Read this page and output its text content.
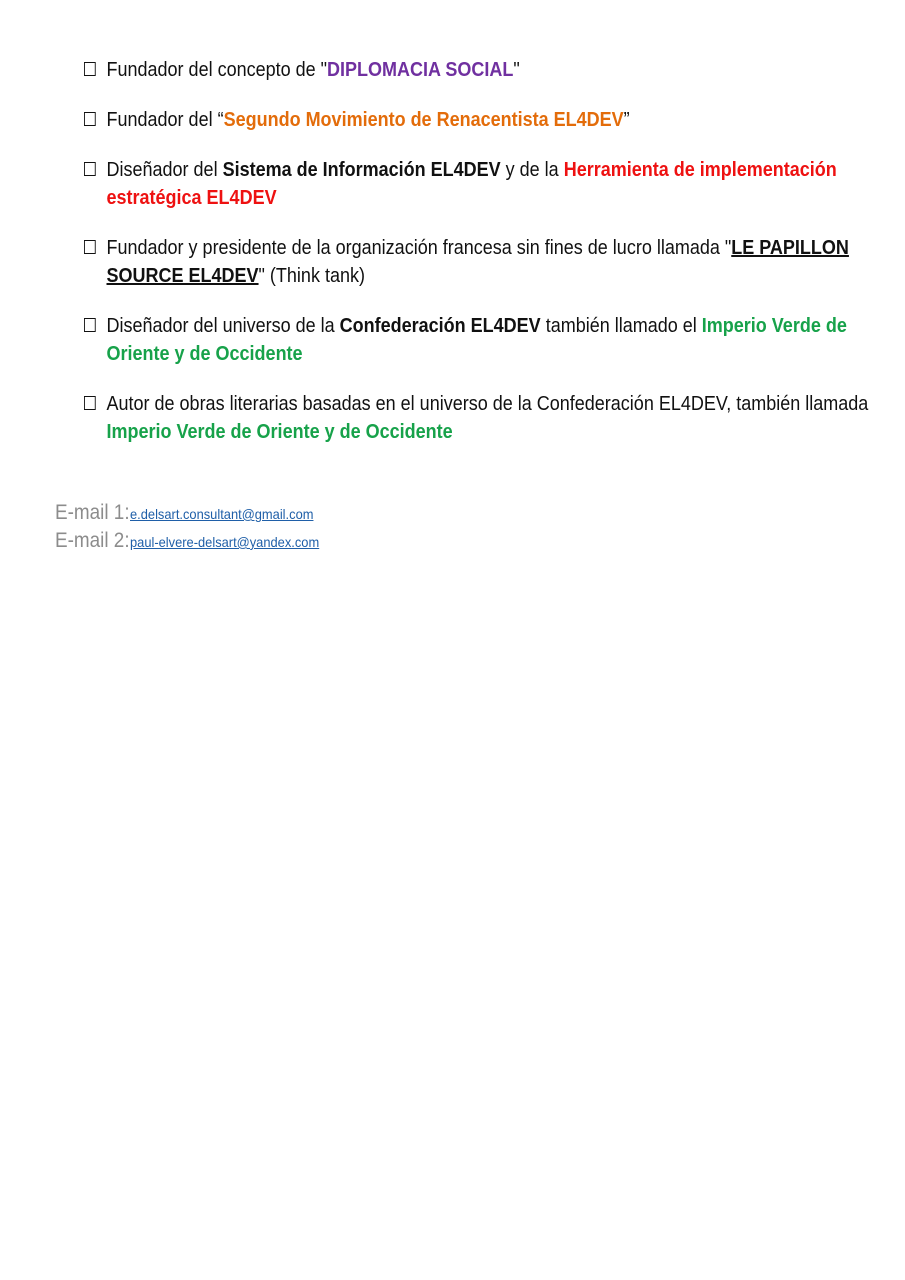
Fundador del concepto de "DIPLOMACIA SOCIAL"
Fundador del “Segundo Movimiento de Renacentista EL4DEV”
Diseñador del Sistema de Información EL4DEV y de la Herramienta de implementación estratégica EL4DEV
Fundador y presidente de la organización francesa sin fines de lucro llamada "LE PAPILLON SOURCE EL4DEV" (Think tank)
Diseñador del universo de la Confederación EL4DEV también llamado el Imperio Verde de Oriente y de Occidente
Autor de obras literarias basadas en el universo de la Confederación EL4DEV, también llamada Imperio Verde de Oriente y de Occidente
E-mail 1:e.delsart.consultant@gmail.com
E-mail 2:paul-elvere-delsart@yandex.com
